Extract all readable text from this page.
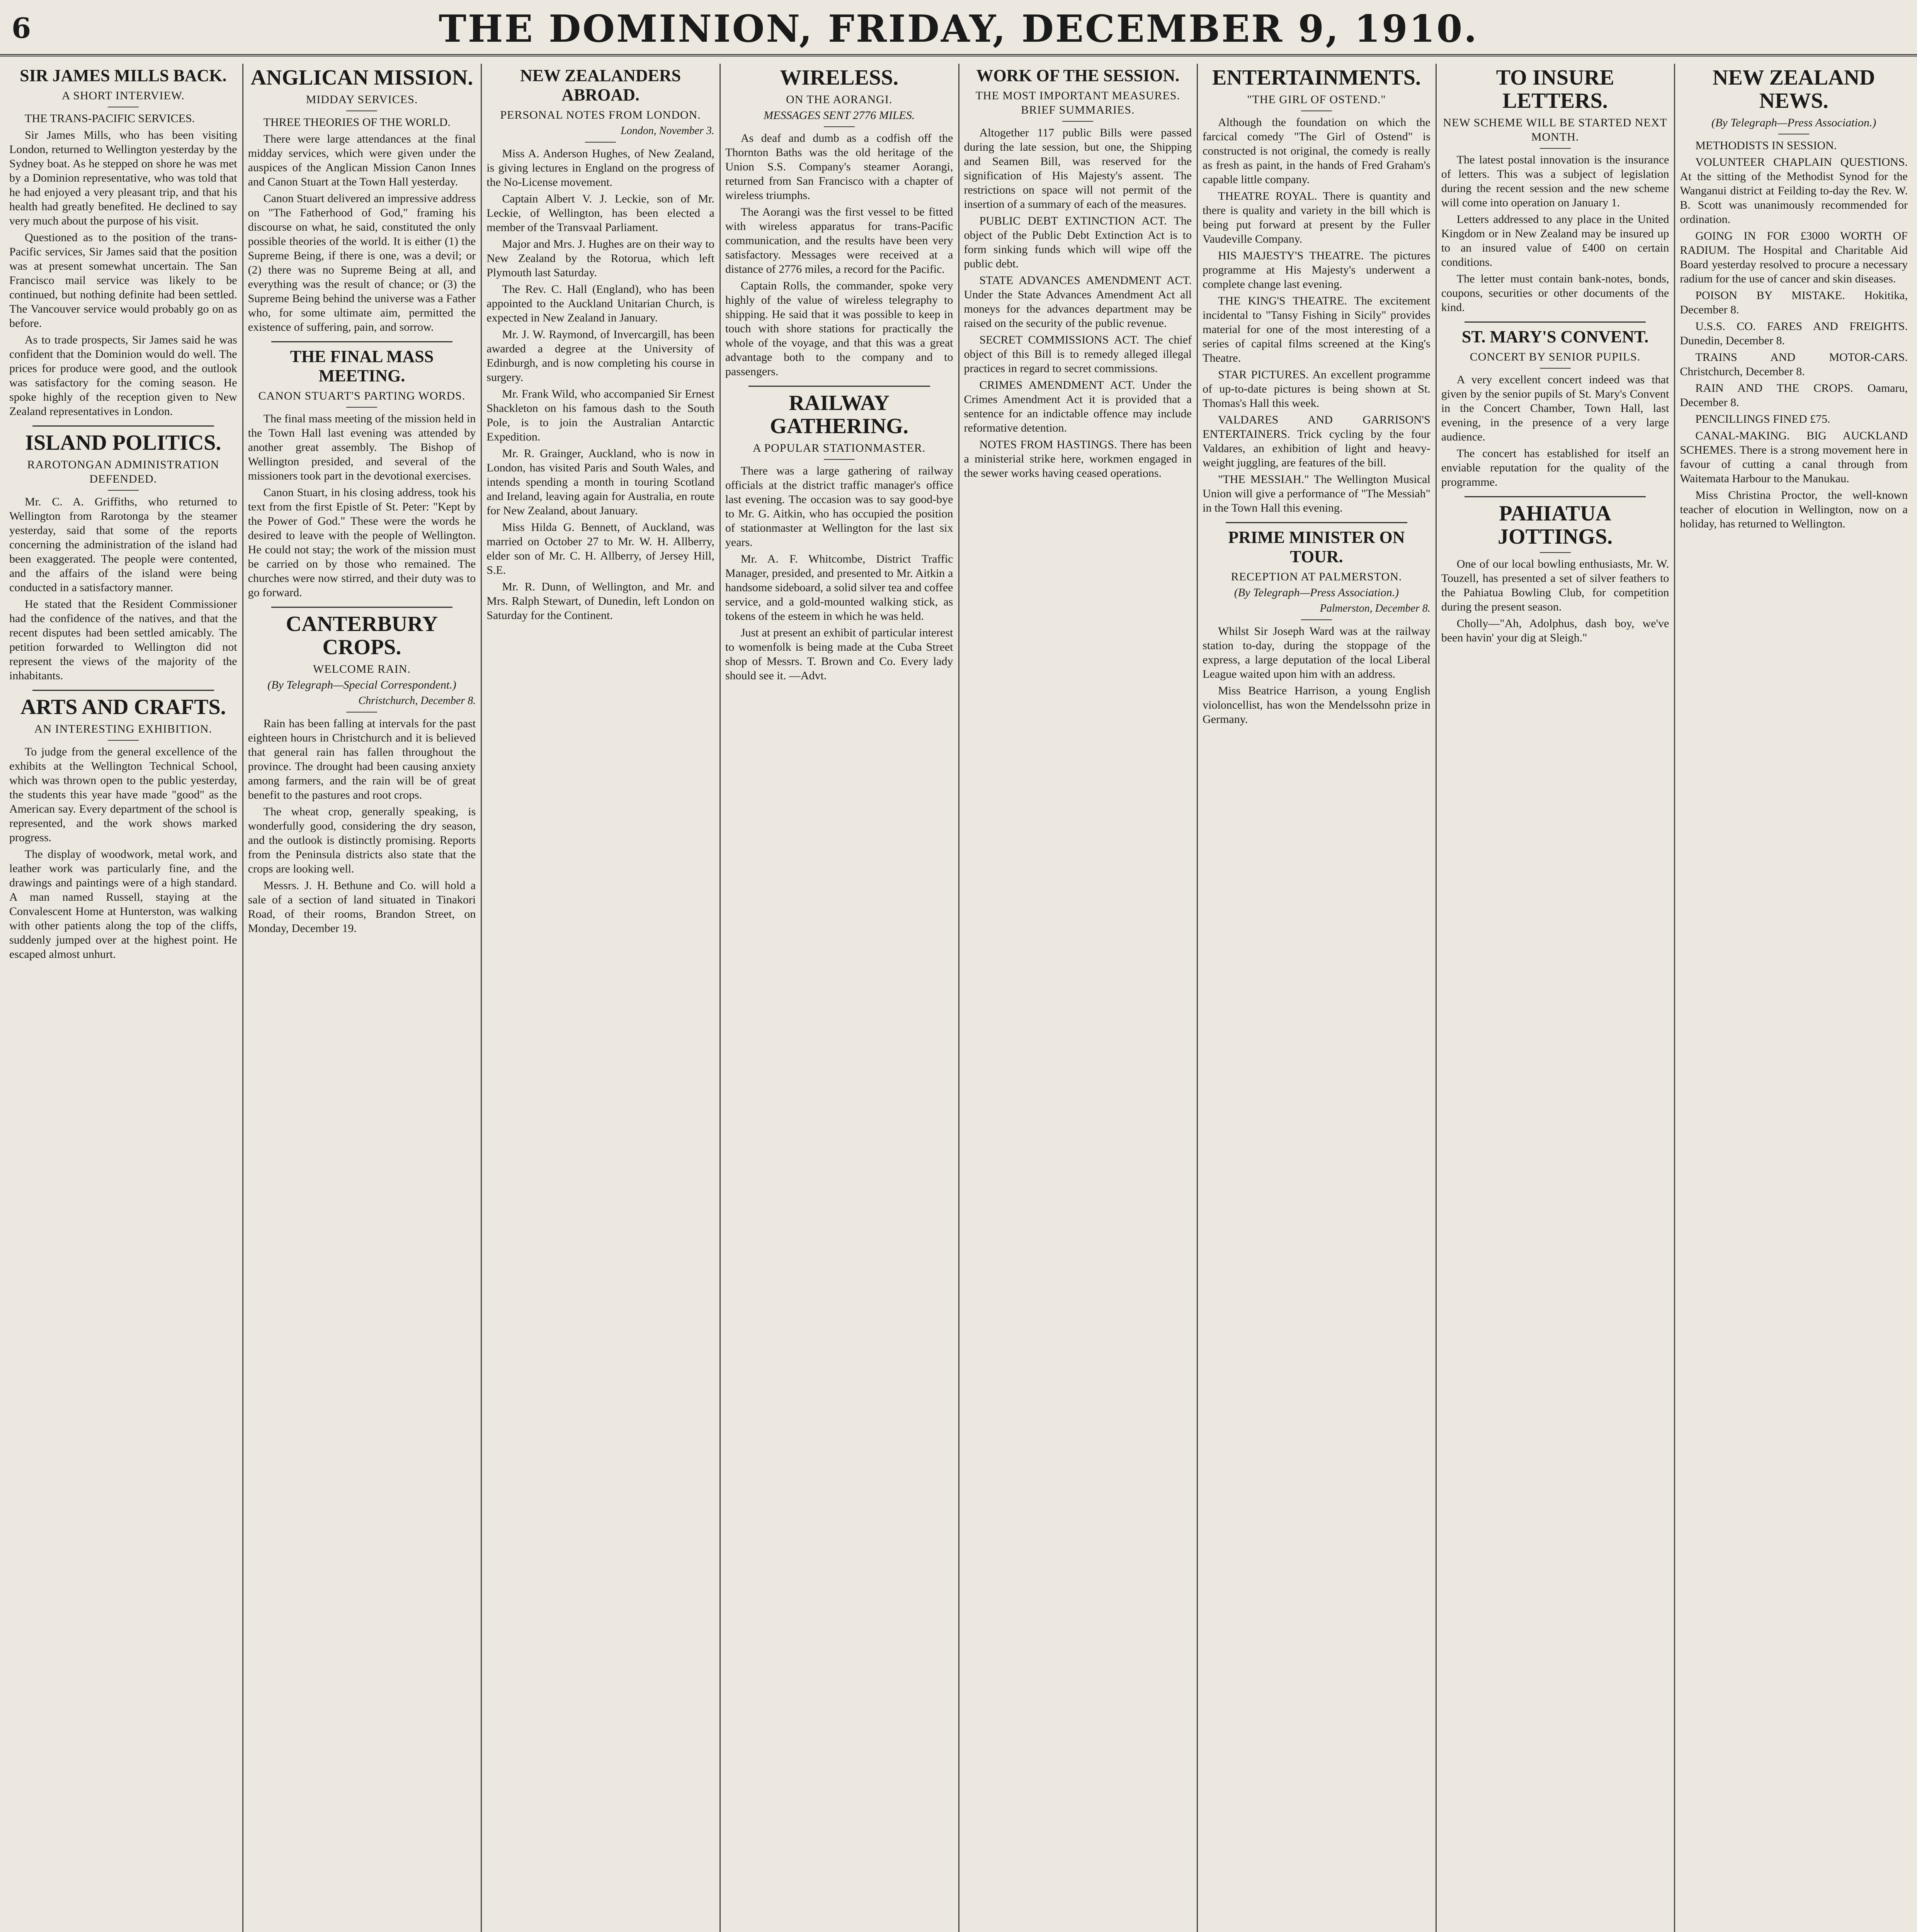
6	THE DOMINION, FRIDAY, DECEMBER 9, 1910.
SIR JAMES MILLS BACK.
A SHORT INTERVIEW.

THE TRANS-PACIFIC SERVICES.

Sir James Mills, who has been visiting London, returned to Wellington yesterday by the Sydney boat. As he stepped on shore he was met by a Dominion representative, who was told that he had enjoyed a very pleasant trip, and that his health had greatly benefited. He declined to say very much about the purpose of his visit.

Questioned as to the position of the trans-Pacific services, Sir James said that the position was at present somewhat uncertain. The San Francisco mail service was likely to be continued, but nothing definite had been settled. The Vancouver service would probably go on as before.

As to trade prospects, Sir James said he was confident that the Dominion would do well. The prices for produce were good, and the outlook was satisfactory for the coming season. He spoke highly of the reception given to New Zealand representatives in London.

ISLAND POLITICS.
RAROTONGAN ADMINISTRATION DEFENDED.

Mr. C. A. Griffiths, who returned to Wellington from Rarotonga by the steamer yesterday, said that some of the reports concerning the administration of the island had been exaggerated. The people were contented, and the affairs of the island were being conducted in a satisfactory manner.

He stated that the Resident Commissioner had the confidence of the natives, and that the recent disputes had been settled amicably. The petition forwarded to Wellington did not represent the views of the majority of the inhabitants.

ARTS AND CRAFTS.
AN INTERESTING EXHIBITION.

To judge from the general excellence of the exhibits at the Wellington Technical School, which was thrown open to the public yesterday, the students this year have made "good" as the American say. Every department of the school is represented, and the work shows marked progress.

The display of woodwork, metal work, and leather work was particularly fine, and the drawings and paintings were of a high standard. A man named Russell, staying at the Convalescent Home at Hunterston, was walking with other patients along the top of the cliffs, suddenly jumped over at the highest point. He escaped almost unhurt.

ANGLICAN MISSION.
MIDDAY SERVICES.

THREE THEORIES OF THE WORLD.

There were large attendances at the final midday services, which were given under the auspices of the Anglican Mission Canon Innes and Canon Stuart at the Town Hall yesterday.

Canon Stuart delivered an impressive address on "The Fatherhood of God," framing his discourse on what, he said, constituted the only possible theories of the world. It is either (1) the Supreme Being, if there is one, was a devil; or (2) there was no Supreme Being at all, and everything was the result of chance; or (3) the Supreme Being behind the universe was a Father who, for some ultimate aim, permitted the existence of suffering, pain, and sorrow.

THE FINAL MASS MEETING.
CANON STUART'S PARTING WORDS.

The final mass meeting of the mission held in the Town Hall last evening was attended by another great assembly. The Bishop of Wellington presided, and several of the missioners took part in the devotional exercises.

Canon Stuart, in his closing address, took his text from the first Epistle of St. Peter: "Kept by the Power of God." These were the words he desired to leave with the people of Wellington. He could not stay; the work of the mission must be carried on by those who remained. The churches were now stirred, and their duty was to go forward.

CANTERBURY CROPS.
WELCOME RAIN.
(By Telegraph—Special Correspondent.)
Christchurch, December 8.

Rain has been falling at intervals for the past eighteen hours in Christchurch and it is believed that general rain has fallen throughout the province. The drought had been causing anxiety among farmers, and the rain will be of great benefit to the pastures and root crops.

The wheat crop, generally speaking, is wonderfully good, considering the dry season, and the outlook is distinctly promising. Reports from the Peninsula districts also state that the crops are looking well.

Messrs. J. H. Bethune and Co. will hold a sale of a section of land situated in Tinakori Road, of their rooms, Brandon Street, on Monday, December 19.

NEW ZEALANDERS ABROAD.
PERSONAL NOTES FROM LONDON.
London, November 3.

Miss A. Anderson Hughes, of New Zealand, is giving lectures in England on the progress of the No-License movement.

Captain Albert V. J. Leckie, son of Mr. Leckie, of Wellington, has been elected a member of the Transvaal Parliament.

Major and Mrs. J. Hughes are on their way to New Zealand by the Rotorua, which left Plymouth last Saturday.

The Rev. C. Hall (England), who has been appointed to the Auckland Unitarian Church, is expected in New Zealand in January.

Mr. J. W. Raymond, of Invercargill, has been awarded a degree at the University of Edinburgh, and is now completing his course in surgery.

Mr. Frank Wild, who accompanied Sir Ernest Shackleton on his famous dash to the South Pole, is to join the Australian Antarctic Expedition.

Mr. R. Grainger, Auckland, who is now in London, has visited Paris and South Wales, and intends spending a month in touring Scotland and Ireland, leaving again for Australia, en route for New Zealand, about January.

Miss Hilda G. Bennett, of Auckland, was married on October 27 to Mr. W. H. Allberry, elder son of Mr. C. H. Allberry, of Jersey Hill, S.E.

Mr. R. Dunn, of Wellington, and Mr. and Mrs. Ralph Stewart, of Dunedin, left London on Saturday for the Continent.

WIRELESS.
ON THE AORANGI.
MESSAGES SENT 2776 MILES.

As deaf and dumb as a codfish off the Thornton Baths was the old heritage of the Union S.S. Company's steamer Aorangi, returned from San Francisco with a chapter of wireless triumphs.

The Aorangi was the first vessel to be fitted with wireless apparatus for trans-Pacific communication, and the results have been very satisfactory. Messages were received at a distance of 2776 miles, a record for the Pacific.

Captain Rolls, the commander, spoke very highly of the value of wireless telegraphy to shipping. He said that it was possible to keep in touch with shore stations for practically the whole of the voyage, and that this was a great advantage both to the company and to passengers.

RAILWAY GATHERING.
A POPULAR STATIONMASTER.

There was a large gathering of railway officials at the district traffic manager's office last evening. The occasion was to say good-bye to Mr. G. Aitkin, who has occupied the position of stationmaster at Wellington for the last six years.

Mr. A. F. Whitcombe, District Traffic Manager, presided, and presented to Mr. Aitkin a handsome sideboard, a solid silver tea and coffee service, and a gold-mounted walking stick, as tokens of the esteem in which he was held.

Just at present an exhibit of particular interest to womenfolk is being made at the Cuba Street shop of Messrs. T. Brown and Co. Every lady should see it. —Advt.

WORK OF THE SESSION.
THE MOST IMPORTANT MEASURES. BRIEF SUMMARIES.

Altogether 117 public Bills were passed during the late session, but one, the Shipping and Seamen Bill, was reserved for the signification of His Majesty's assent. The restrictions on space will not permit of the insertion of a summary of each of the measures.

PUBLIC DEBT EXTINCTION ACT. The object of the Public Debt Extinction Act is to form sinking funds which will wipe off the public debt.

STATE ADVANCES AMENDMENT ACT. Under the State Advances Amendment Act all moneys for the advances department may be raised on the security of the public revenue.

SECRET COMMISSIONS ACT. The chief object of this Bill is to remedy alleged illegal practices in regard to secret commissions.

CRIMES AMENDMENT ACT. Under the Crimes Amendment Act it is provided that a sentence for an indictable offence may include reformative detention.

NOTES FROM HASTINGS. There has been a ministerial strike here, workmen engaged in the sewer works having ceased operations.

ENTERTAINMENTS.
"THE GIRL OF OSTEND."

Although the foundation on which the farcical comedy "The Girl of Ostend" is constructed is not original, the comedy is really as fresh as paint, in the hands of Fred Graham's capable little company.

THEATRE ROYAL. There is quantity and there is quality and variety in the bill which is being put forward at present by the Fuller Vaudeville Company.

HIS MAJESTY'S THEATRE. The pictures programme at His Majesty's underwent a complete change last evening.

THE KING'S THEATRE. The excitement incidental to "Tansy Fishing in Sicily" provides material for one of the most interesting of a series of capital films screened at the King's Theatre.

STAR PICTURES. An excellent programme of up-to-date pictures is being shown at St. Thomas's Hall this week.

VALDARES AND GARRISON'S ENTERTAINERS. Trick cycling by the four Valdares, an exhibition of light and heavy-weight juggling, are features of the bill.

"THE MESSIAH." The Wellington Musical Union will give a performance of "The Messiah" in the Town Hall this evening.

PRIME MINISTER ON TOUR.
RECEPTION AT PALMERSTON.
(By Telegraph—Press Association.)
Palmerston, December 8.

Whilst Sir Joseph Ward was at the railway station to-day, during the stoppage of the express, a large deputation of the local Liberal League waited upon him with an address.

Miss Beatrice Harrison, a young English violoncellist, has won the Mendelssohn prize in Germany.

TO INSURE LETTERS.
NEW SCHEME WILL BE STARTED NEXT MONTH.

The latest postal innovation is the insurance of letters. This was a subject of legislation during the recent session and the new scheme will come into operation on January 1.

Letters addressed to any place in the United Kingdom or in New Zealand may be insured up to an insured value of £400 on certain conditions.

The letter must contain bank-notes, bonds, coupons, securities or other documents of the kind.

ST. MARY'S CONVENT.
CONCERT BY SENIOR PUPILS.

A very excellent concert indeed was that given by the senior pupils of St. Mary's Convent in the Concert Chamber, Town Hall, last evening, in the presence of a very large audience.

The concert has established for itself an enviable reputation for the quality of the programme.

PAHIATUA JOTTINGS.

One of our local bowling enthusiasts, Mr. W. Touzell, has presented a set of silver feathers to the Pahiatua Bowling Club, for competition during the present season.

Cholly—"Ah, Adolphus, dash boy, we've been havin' your dig at Sleigh."

NEW ZEALAND NEWS.
(By Telegraph—Press Association.)

METHODISTS IN SESSION.

VOLUNTEER CHAPLAIN QUESTIONS. At the sitting of the Methodist Synod for the Wanganui district at Feilding to-day the Rev. W. B. Scott was unanimously recommended for ordination.

GOING IN FOR £3000 WORTH OF RADIUM. The Hospital and Charitable Aid Board yesterday resolved to procure a necessary radium for the use of cancer and skin diseases.

POISON BY MISTAKE. Hokitika, December 8.

U.S.S. CO. FARES AND FREIGHTS. Dunedin, December 8.

TRAINS AND MOTOR-CARS. Christchurch, December 8.

RAIN AND THE CROPS. Oamaru, December 8.

PENCILLINGS FINED £75.

CANAL-MAKING. BIG AUCKLAND SCHEMES. There is a strong movement here in favour of cutting a canal through from Waitemata Harbour to the Manukau.

Miss Christina Proctor, the well-known teacher of elocution in Wellington, now on a holiday, has returned to Wellington.
